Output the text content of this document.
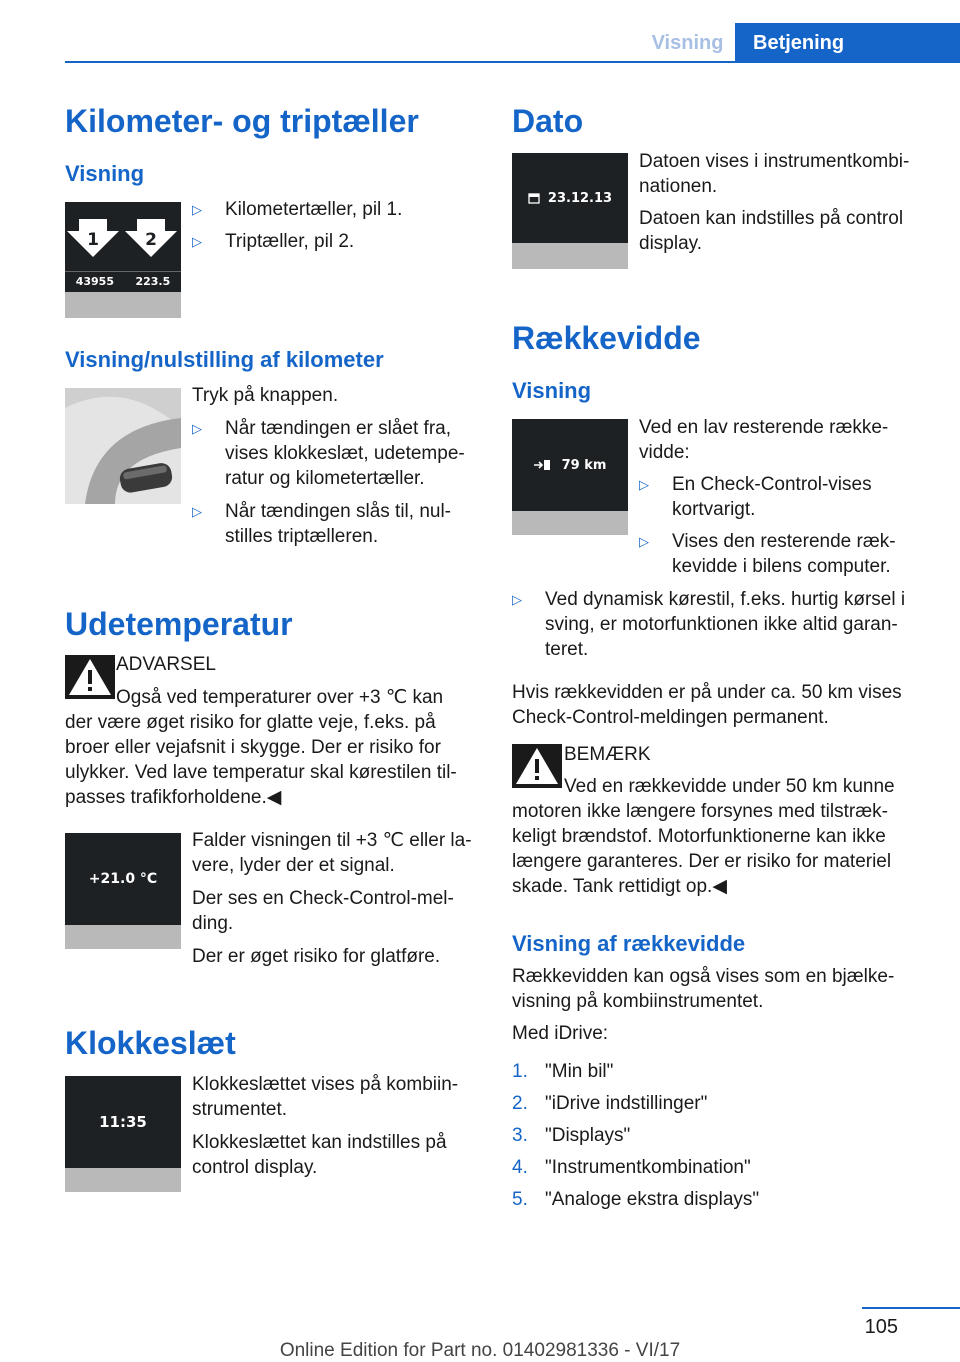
Visning	Betjening
Kilometer- og triptæller
Visning
1	2
43955 223.5
▷ Kilometertæller, pil 1.
▷ Triptæller, pil 2.
Visning/nulstilling af kilometer
Tryk på knappen.
▷ Når tændingen er slået fra,
vises klokkeslæt, udetempe-
ratur og kilometertæller.
▷ Når tændingen slås til, nul-
stilles triptælleren.
Udetemperatur
ADVARSEL
Også ved temperaturer over +3 ℃ kan
der være øget risiko for glatte veje, f.eks. på
broer eller vejafsnit i skygge. Der er risiko for
ulykker. Ved lave temperatur skal kørestilen til-
passes trafikforholdene.◀
+21.0 °C
Falder visningen til +3 ℃ eller la-
vere, lyder der et signal.
Der ses en Check-Control-mel-
ding.
Der er øget risiko for glatføre.
Klokkeslæt
11:35
Klokkeslættet vises på kombiin-
strumentet.
Klokkeslættet kan indstilles på
control display.
Dato
23.12.13
Datoen vises i instrumentkombi-
nationen.
Datoen kan indstilles på control
display.
Rækkevidde
Visning
79 km
Ved en lav resterende række-
vidde:
▷ En Check-Control-vises
kortvarigt.
▷ Vises den resterende ræk-
kevidde i bilens computer.
▷ Ved dynamisk kørestil, f.eks. hurtig kørsel i
sving, er motorfunktionen ikke altid garan-
teret.
Hvis rækkevidden er på under ca. 50 km vises
Check-Control-meldingen permanent.
BEMÆRK
Ved en rækkevidde under 50 km kunne
motoren ikke længere forsynes med tilstræk-
keligt brændstof. Motorfunktionerne kan ikke
længere garanteres. Der er risiko for materiel
skade. Tank rettidigt op.◀
Visning af rækkevidde
Rækkevidden kan også vises som en bjælke-
visning på kombiinstrumentet.
Med iDrive:
1. "Min bil"
2. "iDrive indstillinger"
3. "Displays"
4. "Instrumentkombination"
5. "Analoge ekstra displays"
105
Online Edition for Part no. 01402981336 - VI/17
